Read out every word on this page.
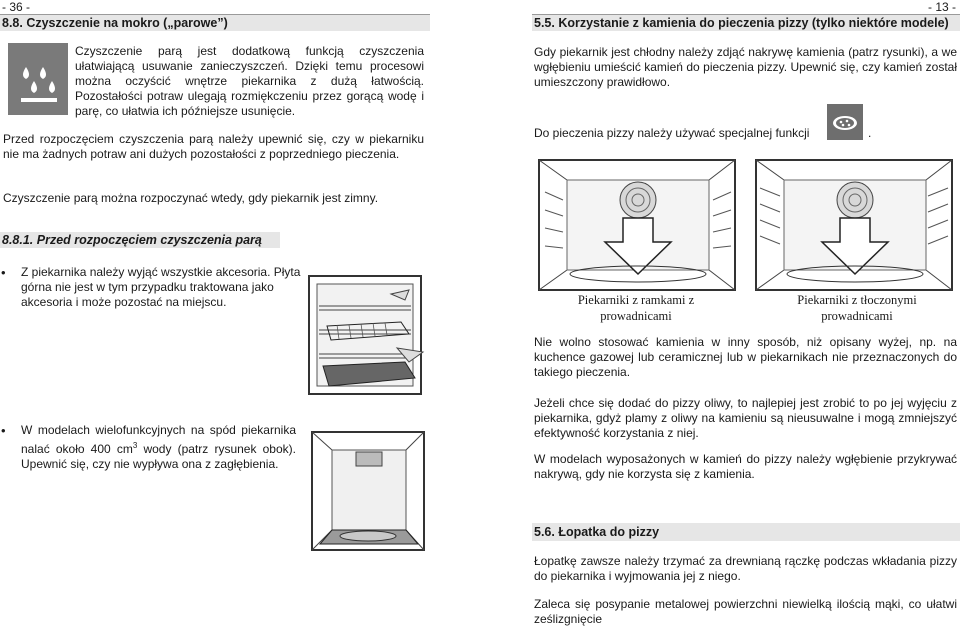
- 36 -
8.8. Czyszczenie na mokro („parowe”)
Czyszczenie parą jest dodatkową funkcją czyszczenia ułatwiającą usuwanie zanieczyszczeń. Dzięki temu procesowi można oczyścić wnętrze piekarnika z dużą łatwością. Pozostałości potraw ulegają rozmiękczeniu przez gorącą wodę i parę, co ułatwia ich późniejsze usunięcie.
Przed rozpoczęciem czyszczenia parą należy upewnić się, czy w piekarniku nie ma żadnych potraw ani dużych pozostałości z poprzedniego pieczenia.
Czyszczenie parą można rozpoczynać wtedy, gdy piekarnik jest zimny.
8.8.1. Przed rozpoczęciem czyszczenia parą
• Z piekarnika należy wyjąć wszystkie akcesoria. Płyta górna nie jest w tym przypadku traktowana jako akcesoria i może pozostać na miejscu.
• W modelach wielofunkcyjnych na spód piekarnika nalać około 400 $cm^3$ wody (patrz rysunek obok). Upewnić się, czy nie wypływa ona z zagłębienia.
- 13 -
5.5. Korzystanie z kamienia do pieczenia pizzy (tylko niektóre modele)
Gdy piekarnik jest chłodny należy zdjąć nakrywę kamienia (patrz rysunki), a we wgłębieniu umieścić kamień do pieczenia pizzy. Upewnić się, czy kamień został umieszczony prawidłowo.
Do pieczenia pizzy należy używać specjalnej funkcji	.
Piekarniki z ramkami z prowadnicami
Piekarniki z tłoczonymi prowadnicami
Nie wolno stosować kamienia w inny sposób, niż opisany wyżej, np. na kuchence gazowej lub ceramicznej lub w piekarnikach nie przeznaczonych do takiego pieczenia.
Jeżeli chce się dodać do pizzy oliwy, to najlepiej jest zrobić to po jej wyjęciu z piekarnika, gdyż plamy z oliwy na kamieniu są nieusuwalne i mogą zmniejszyć efektywność korzystania z niej.
W modelach wyposażonych w kamień do pizzy należy wgłębienie przykrywać nakrywą, gdy nie korzysta się z kamienia.
5.6. Łopatka do pizzy
Łopatkę zawsze należy trzymać za drewnianą rączkę podczas wkładania pizzy do piekarnika i wyjmowania jej z niego.
Zaleca się posypanie metalowej powierzchni niewielką ilością mąki, co ułatwi ześlizgnięcie
